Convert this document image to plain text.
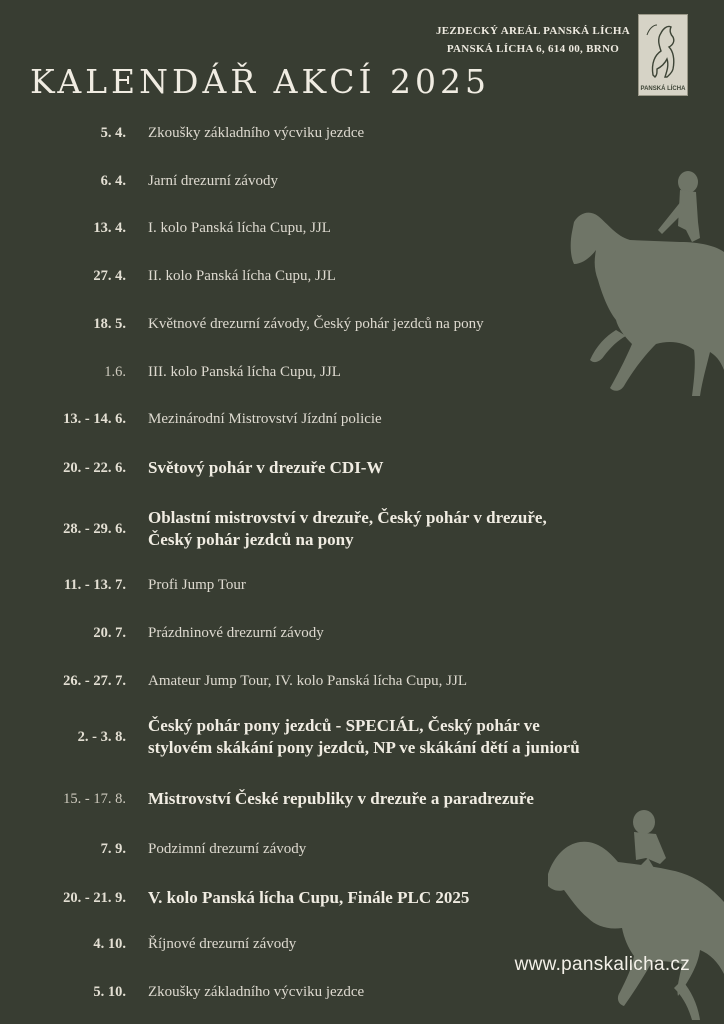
JEZDECKÝ AREÁL PANSKÁ LÍCHA
PANSKÁ LÍCHA 6, 614 00, BRNO
PANSKÁ LÍCHA
KALENDÁŘ AKCÍ 2025
5. 4. Zkoušky základního výcviku jezdce
6. 4. Jarní drezurní závody
13. 4. I. kolo Panská lícha Cupu, JJL
27. 4. II. kolo Panská lícha Cupu, JJL
18. 5. Květnové drezurní závody, Český pohár jezdců na pony
1.6. III. kolo Panská lícha Cupu, JJL
13. - 14. 6. Mezinárodní Mistrovství Jízdní policie
20. - 22. 6. Světový pohár v drezuře CDI-W
28. - 29. 6.
Oblastní mistrovství v drezuře, Český pohár v drezuře,
Český pohár jezdců na pony
11. - 13. 7. Profi Jump Tour
20. 7. Prázdninové drezurní závody
26. - 27. 7. Amateur Jump Tour, IV. kolo Panská lícha Cupu, JJL
2. - 3. 8.
Český pohár pony jezdců - SPECIÁL, Český pohár ve
stylovém skákání pony jezdců, NP ve skákání dětí a juniorů
15. - 17. 8. Mistrovství České republiky v drezuře a paradrezuře
7. 9. Podzimní drezurní závody
20. - 21. 9. V. kolo Panská lícha Cupu, Finále PLC 2025
4. 10. Říjnové drezurní závody
5. 10. Zkoušky základního výcviku jezdce
www.panskalicha.cz
